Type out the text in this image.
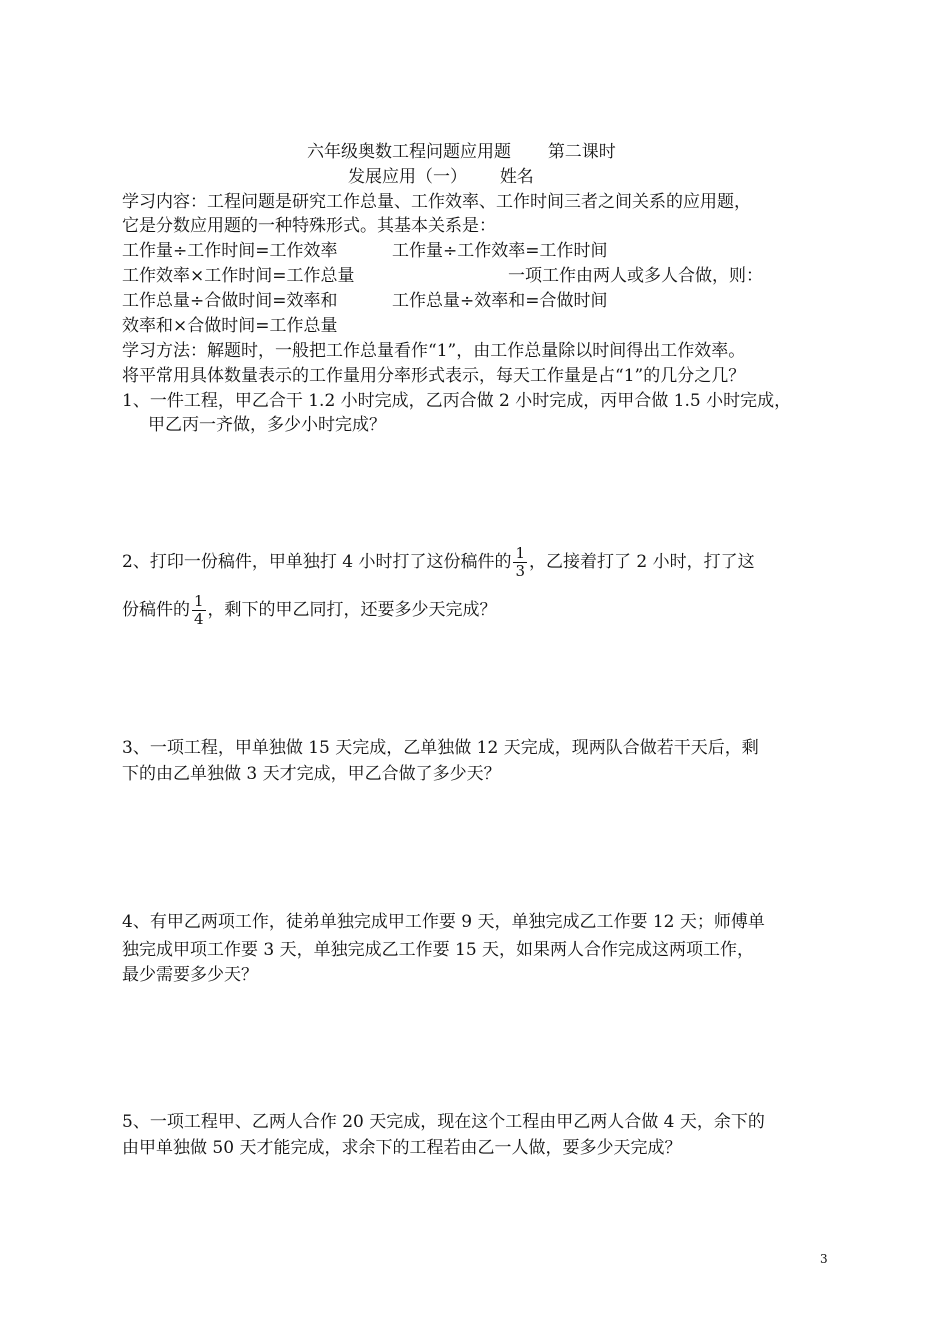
六年级奥数工程问题应用题 第二课时
发展应用（一） 姓名
学习内容：工程问题是研究工作总量、工作效率、工作时间三者之间关系的应用题，
它是分数应用题的一种特殊形式。其基本关系是：
工作量÷工作时间=工作效率	工作量÷工作效率=工作时间
工作效率×工作时间=工作总量	一项工作由两人或多人合做，则：
工作总量÷合做时间=效率和	工作总量÷效率和=合做时间
效率和×合做时间=工作总量
学习方法：解题时，一般把工作总量看作“1”，由工作总量除以时间得出工作效率。
将平常用具体数量表示的工作量用分率形式表示，每天工作量是占“1”的几分之几？
1、一件工程，甲乙合干 1.2 小时完成，乙丙合做 2 小时完成，丙甲合做 1.5 小时完成，
甲乙丙一齐做，多少小时完成？
2、打印一份稿件，甲单独打 4 小时打了这份稿件的 $\frac{1}{3}$ ，乙接着打了 2 小时，打了这
份稿件的 $\frac{1}{4}$ ，剩下的甲乙同打，还要多少天完成？
3、一项工程，甲单独做 15 天完成，乙单独做 12 天完成，现两队合做若干天后，剩
下的由乙单独做 3 天才完成，甲乙合做了多少天？
4、有甲乙两项工作，徒弟单独完成甲工作要 9 天，单独完成乙工作要 12 天；师傅单
独完成甲项工作要 3 天，单独完成乙工作要 15 天，如果两人合作完成这两项工作，
最少需要多少天？
5、一项工程甲、乙两人合作 20 天完成，现在这个工程由甲乙两人合做 4 天，余下的
由甲单独做 50 天才能完成，求余下的工程若由乙一人做，要多少天完成？
3
